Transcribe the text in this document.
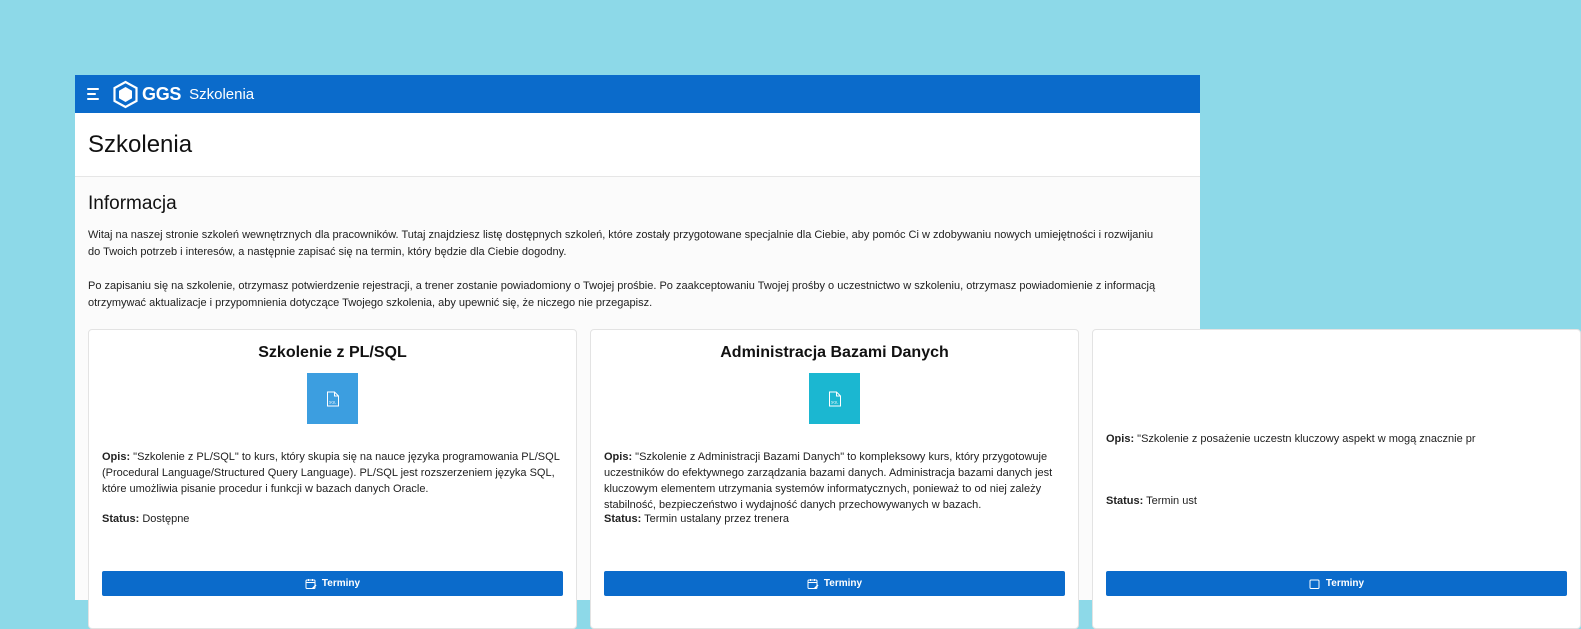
GGS Szkolenia
Szkolenia
Informacja

Witaj na naszej stronie szkoleń wewnętrznych dla pracowników. Tutaj znajdziesz listę dostępnych szkoleń, które zostały przygotowane specjalnie dla Ciebie, aby pomóc Ci w zdobywaniu nowych umiejętności i rozwijaniu
do Twoich potrzeb i interesów, a następnie zapisać się na termin, który będzie dla Ciebie dogodny.

Po zapisaniu się na szkolenie, otrzymasz potwierdzenie rejestracji, a trener zostanie powiadomiony o Twojej prośbie. Po zaakceptowaniu Twojej prośby o uczestnictwo w szkoleniu, otrzymasz powiadomienie z informacją
otrzymywać aktualizacje i przypomnienia dotyczące Twojego szkolenia, aby upewnić się, że niczego nie przegapisz.

Szkolenie z PL/SQL
SQL

Opis: "Szkolenie z PL/SQL" to kurs, który skupia się na nauce języka programowania PL/SQL (Procedural Language/Structured Query Language). PL/SQL jest rozszerzeniem języka SQL, które umożliwia pisanie procedur i funkcji w bazach danych Oracle.

Status: Dostępne

Terminy
Administracja Bazami Danych
SQL

Opis: "Szkolenie z Administracji Bazami Danych" to kompleksowy kurs, który przygotowuje uczestników do efektywnego zarządzania bazami danych. Administracja bazami danych jest kluczowym elementem utrzymania systemów informatycznych, ponieważ to od niej zależy stabilność, bezpieczeństwo i wydajność danych przechowywanych w bazach.

Status: Termin ustalany przez trenera

Terminy

Opis: "Szkolenie z posażenie uczestn kluczowy aspekt w mogą znacznie pr

Status: Termin ust

Terminy
